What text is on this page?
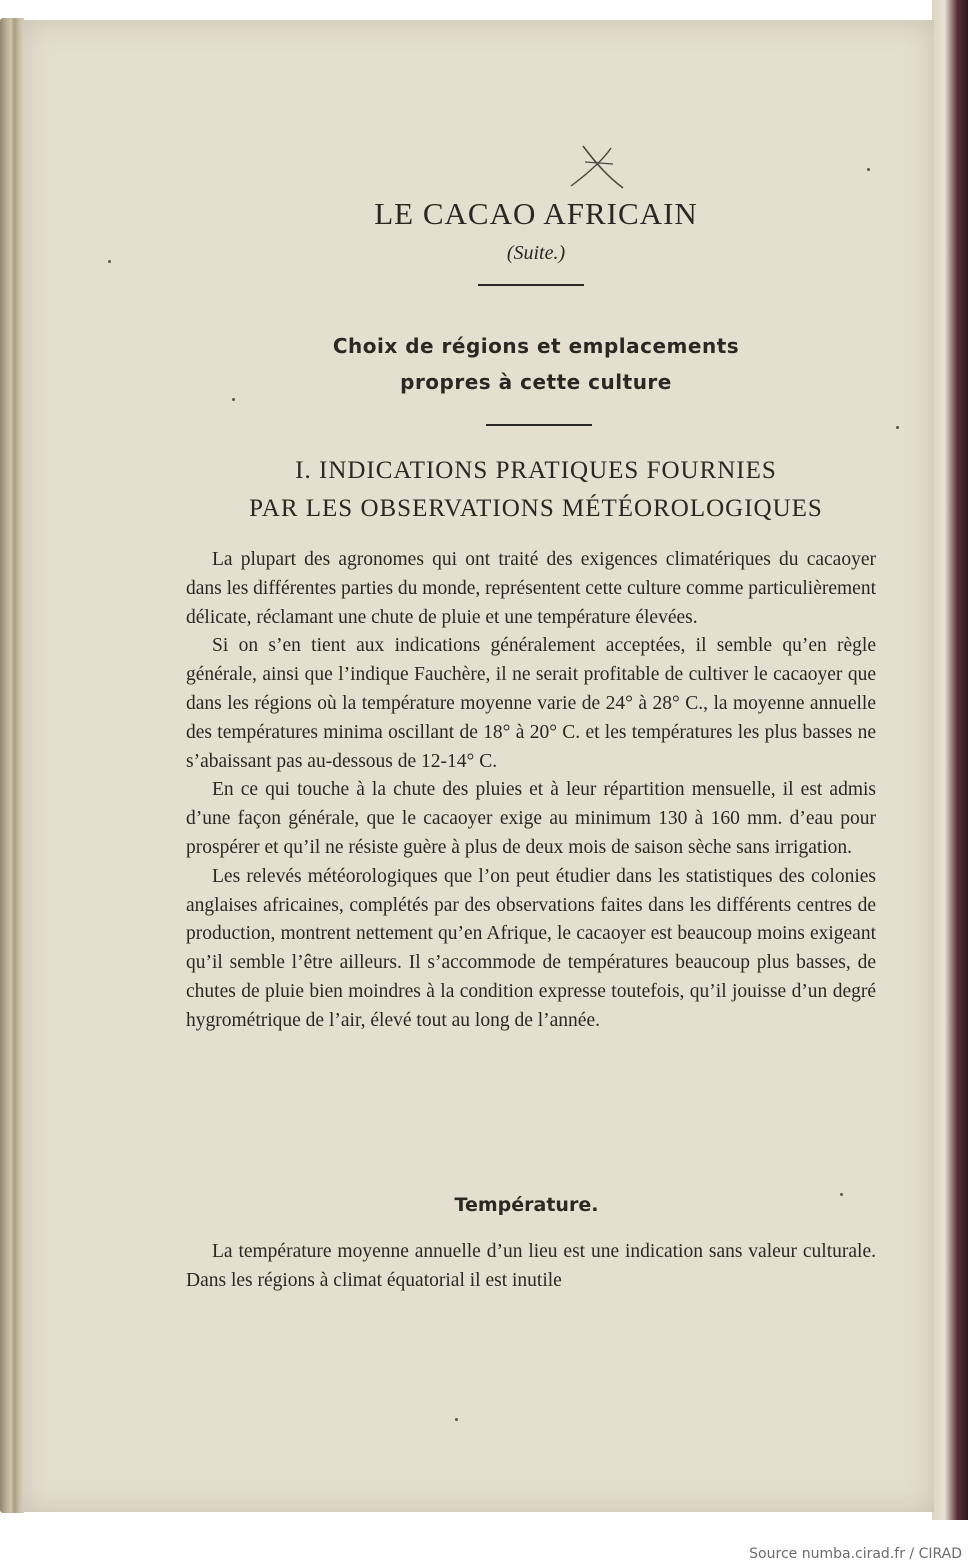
LE CACAO AFRICAIN
(Suite.)
Choix de régions et emplacements
propres à cette culture
I. INDICATIONS PRATIQUES FOURNIES
PAR LES OBSERVATIONS MÉTÉOROLOGIQUES

La plupart des agronomes qui ont traité des exigences climatériques du cacaoyer dans les différentes parties du monde, représentent cette culture comme particulièrement délicate, réclamant une chute de pluie et une température élevées.

Si on s’en tient aux indications généralement acceptées, il semble qu’en règle générale, ainsi que l’indique Fauchère, il ne serait profitable de cultiver le cacaoyer que dans les régions où la température moyenne varie de 24° à 28° C., la moyenne annuelle des températures minima oscillant de 18° à 20° C. et les températures les plus basses ne s’abaissant pas au-dessous de 12-14° C.

En ce qui touche à la chute des pluies et à leur répartition mensuelle, il est admis d’une façon générale, que le cacaoyer exige au minimum 130 à 160 mm. d’eau pour prospérer et qu’il ne résiste guère à plus de deux mois de saison sèche sans irrigation.

Les relevés météorologiques que l’on peut étudier dans les statistiques des colonies anglaises africaines, complétés par des observations faites dans les différents centres de production, montrent nettement qu’en Afrique, le cacaoyer est beaucoup moins exigeant qu’il semble l’être ailleurs. Il s’accommode de températures beaucoup plus basses, de chutes de pluie bien moindres à la condition expresse toutefois, qu’il jouisse d’un degré hygrométrique de l’air, élevé tout au long de l’année.

Température.

La température moyenne annuelle d’un lieu est une indication sans valeur culturale. Dans les régions à climat équatorial il est inutile

Source numba.cirad.fr / CIRAD
